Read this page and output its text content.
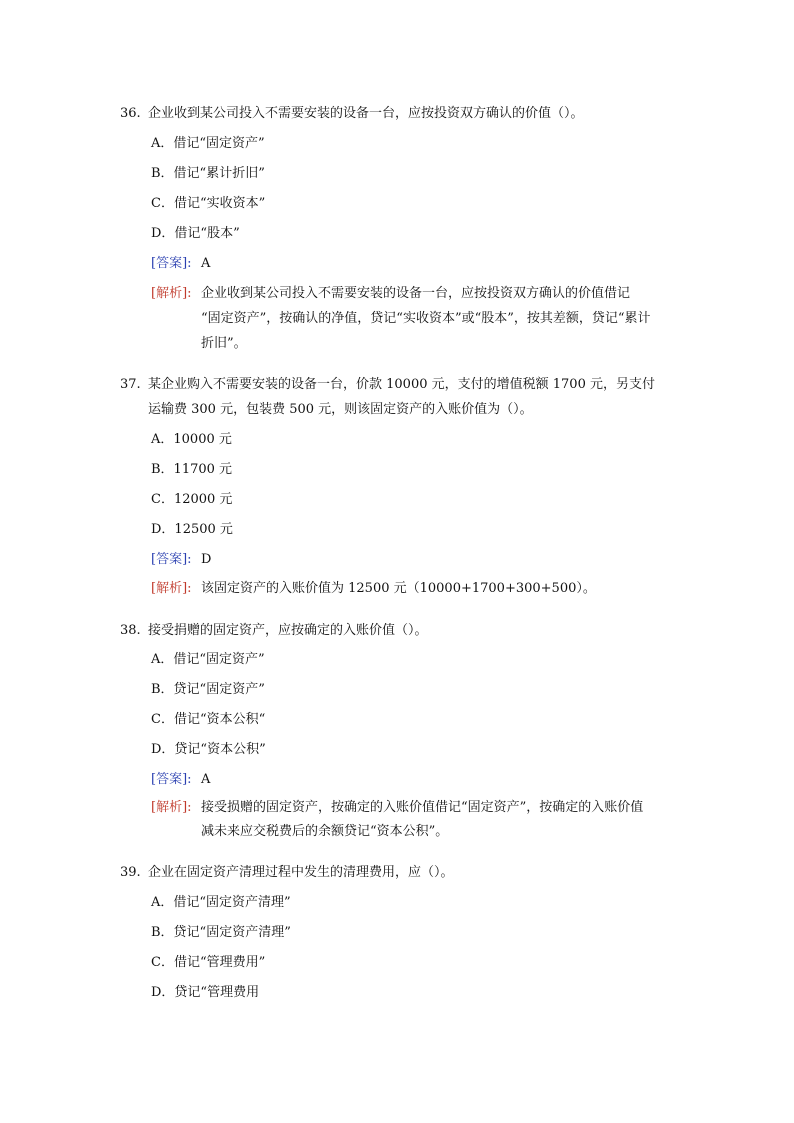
36. 企业收到某公司投入不需要安装的设备一台，应按投资双方确认的价值（）。
A．借记“固定资产”
B．借记“累计折旧”
C．借记“实收资本”
D．借记“股本”
[答案]: A
[解析]: 企业收到某公司投入不需要安装的设备一台，应按投资双方确认的价值借记
“固定资产”，按确认的净值，贷记“实收资本”或“股本”，按其差额，贷记“累计
折旧”。
37. 某企业购入不需要安装的设备一台，价款 10000 元，支付的增值税额 1700 元，另支付
运输费 300 元，包装费 500 元，则该固定资产的入账价值为（）。
A．10000 元
B．11700 元
C．12000 元
D．12500 元
[答案]: D
[解析]: 该固定资产的入账价值为 12500 元（10000+1700+300+500）。
38. 接受捐赠的固定资产，应按确定的入账价值（）。
A．借记“固定资产”
B．贷记“固定资产”
C．借记“资本公积“
D．贷记“资本公积”
[答案]: A
[解析]: 接受损赠的固定资产，按确定的入账价值借记“固定资产”，按确定的入账价值
减未来应交税费后的余额贷记“资本公积”。
39. 企业在固定资产清理过程中发生的清理费用，应（）。
A．借记“固定资产清理”
B．贷记“固定资产清理”
C．借记“管理费用”
D．贷记“管理费用
